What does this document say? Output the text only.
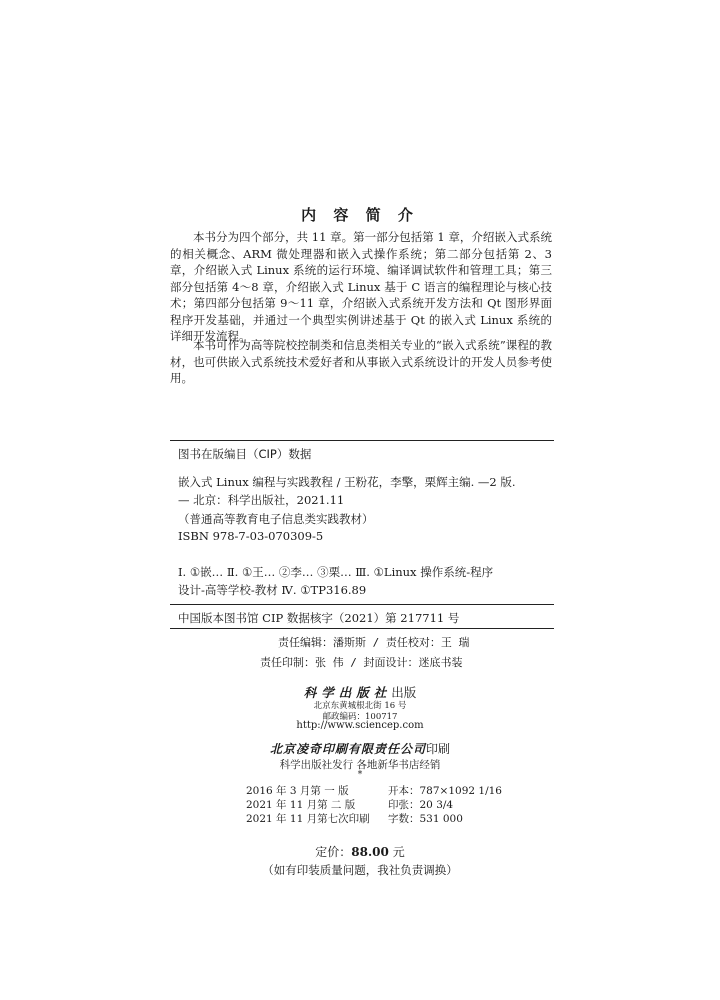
内 容 简 介
本书分为四个部分，共 11 章。第一部分包括第 1 章，介绍嵌入式系统的相关概念、ARM 微处理器和嵌入式操作系统；第二部分包括第 2、3 章，介绍嵌入式 Linux 系统的运行环境、编译调试软件和管理工具；第三部分包括第 4～8 章，介绍嵌入式 Linux 基于 C 语言的编程理论与核心技术；第四部分包括第 9～11 章，介绍嵌入式系统开发方法和 Qt 图形界面程序开发基础，并通过一个典型实例讲述基于 Qt 的嵌入式 Linux 系统的详细开发流程。
本书可作为高等院校控制类和信息类相关专业的“嵌入式系统”课程的教材，也可供嵌入式系统技术爱好者和从事嵌入式系统设计的开发人员参考使用。
图书在版编目（CIP）数据
嵌入式 Linux 编程与实践教程 / 王粉花，李擎，栗辉主编. —2 版.
— 北京：科学出版社，2021.11
（普通高等教育电子信息类实践教材）
ISBN 978-7-03-070309-5
Ⅰ. ①嵌… Ⅱ. ①王… ②李… ③栗… Ⅲ. ①Linux 操作系统-程序
设计-高等学校-教材 Ⅳ. ①TP316.89
中国版本图书馆 CIP 数据核字（2021）第 217711 号
责任编辑：潘斯斯 / 责任校对：王 瑞
责任印制：张 伟 / 封面设计：迷底书装
科学出版社出版
北京东黄城根北街 16 号
邮政编码：100717
http://www.sciencep.com
北京凌奇印刷有限责任公司印刷
科学出版社发行 各地新华书店经销
*
2016 年 3 月第 一 版	开本：787×1092 1/16
2021 年 11 月第 二 版	印张：20 3/4
2021 年 11 月第七次印刷 字数：531 000
定价：88.00 元
（如有印装质量问题，我社负责调换）
